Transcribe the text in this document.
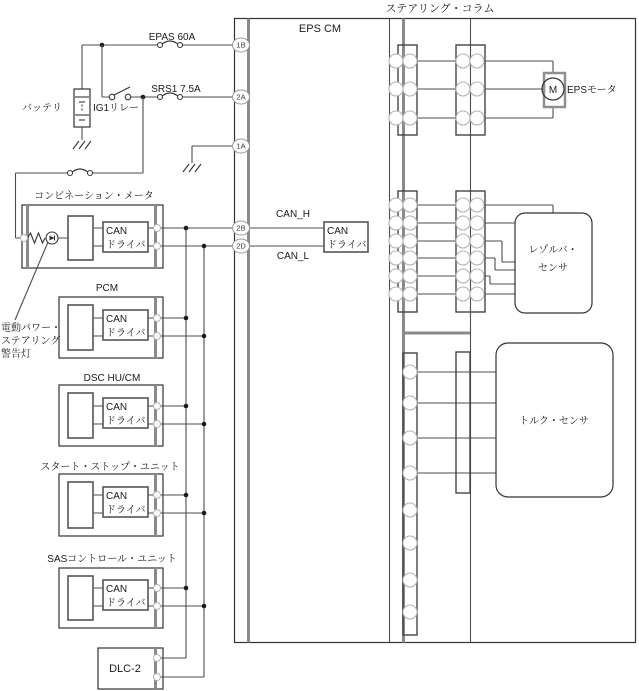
ステアリング・コラム
EPS CM
EPAS 60A
SRS1 7.5A
バッテリ	IG1リレー
コンビネーション・メータ
CAN
ドライバ
電動パワー・
ステアリング
警告灯
PCM
CAN
ドライバ
DSC HU/CM
CAN
ドライバ
スタート・ストップ・ユニット
CAN
ドライバ
SASコントロール・ユニット
CAN
ドライバ
DLC-2
CAN
ドライバ
CAN_H
CAN_L
1B
2A
1A
2B
2D
M EPSモータ
レゾルバ・
センサ
トルク・センサ
